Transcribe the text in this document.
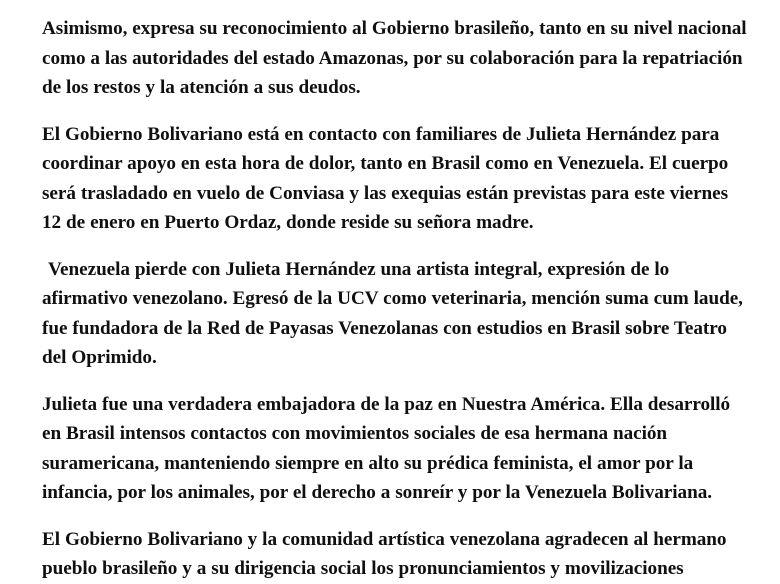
Asimismo, expresa su reconocimiento al Gobierno brasileño, tanto en su nivel nacional como a las autoridades del estado Amazonas, por su colaboración para la repatriación de los restos y la atención a sus deudos.

El Gobierno Bolivariano está en contacto con familiares de Julieta Hernández para coordinar apoyo en esta hora de dolor, tanto en Brasil como en Venezuela. El cuerpo será trasladado en vuelo de Conviasa y las exequias están previstas para este viernes 12 de enero en Puerto Ordaz, donde reside su señora madre.

Venezuela pierde con Julieta Hernández una artista integral, expresión de lo afirmativo venezolano. Egresó de la UCV como veterinaria, mención suma cum laude, fue fundadora de la Red de Payasas Venezolanas con estudios en Brasil sobre Teatro del Oprimido.

Julieta fue una verdadera embajadora de la paz en Nuestra América. Ella desarrolló en Brasil intensos contactos con movimientos sociales de esa hermana nación suramericana, manteniendo siempre en alto su prédica feminista, el amor por la infancia, por los animales, por el derecho a sonreír y por la Venezuela Bolivariana.

El Gobierno Bolivariano y la comunidad artística venezolana agradecen al hermano pueblo brasileño y a su dirigencia social los pronunciamientos y movilizaciones
